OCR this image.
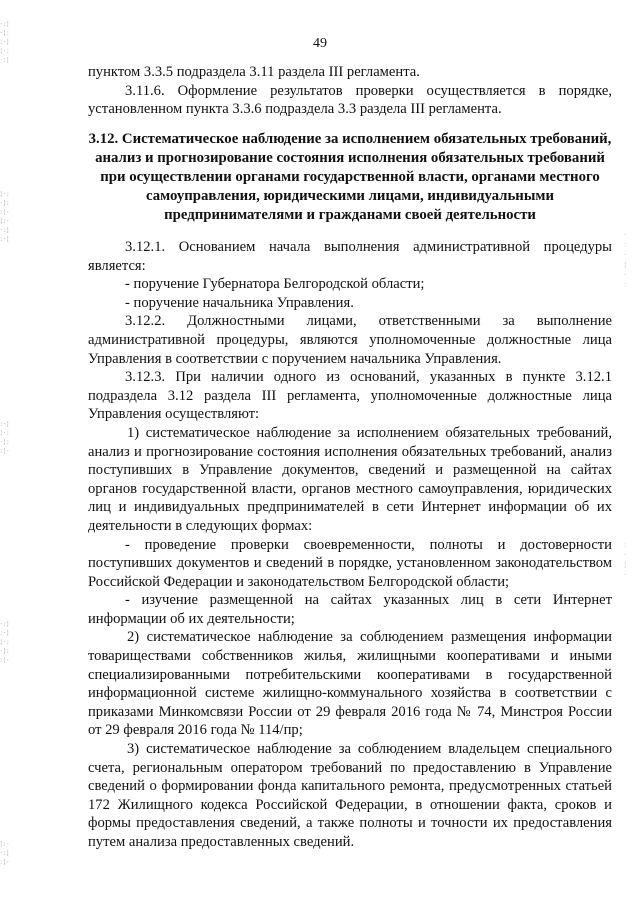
·:¦
·¦:
:·¦
¦·:
·:¦
¦·:
·¦:
:¦·
¦:·
·:¦
:·¦
:·¦
¦·:
·¦:
:¦·
·:¦
:·¦
¦·:
·¦:
:¦·
¦:·
·:¦
:¦·
·
:
·
¦
·
:
:
·
¦
·
49

пунктом 3.3.5 подраздела 3.11 раздела III регламента.

3.11.6. Оформление результатов проверки осуществляется в порядке, установленном пункта 3.3.6 подраздела 3.3 раздела III регламента.

3.12. Систематическое наблюдение за исполнением обязательных требований, анализ и прогнозирование состояния исполнения обязательных требований при осуществлении органами государственной власти, органами местного самоуправления, юридическими лицами, индивидуальными предпринимателями и гражданами своей деятельности

3.12.1. Основанием начала выполнения административной процедуры является:

- поручение Губернатора Белгородской области;

- поручение начальника Управления.

3.12.2. Должностными лицами, ответственными за выполнение административной процедуры, являются уполномоченные должностные лица Управления в соответствии с поручением начальника Управления.

3.12.3. При наличии одного из оснований, указанных в пункте 3.12.1 подраздела 3.12 раздела III регламента, уполномоченные должностные лица Управления осуществляют:

1) систематическое наблюдение за исполнением обязательных требований, анализ и прогнозирование состояния исполнения обязательных требований, анализ поступивших в Управление документов, сведений и размещенной на сайтах органов государственной власти, органов местного самоуправления, юридических лиц и индивидуальных предпринимателей в сети Интернет информации об их деятельности в следующих формах:

- проведение проверки своевременности, полноты и достоверности поступивших документов и сведений в порядке, установленном законодательством Российской Федерации и законодательством Белгородской области;

- изучение размещенной на сайтах указанных лиц в сети Интернет информации об их деятельности;

2) систематическое наблюдение за соблюдением размещения информации товариществами собственников жилья, жилищными кооперативами и иными специализированными потребительскими кооперативами в государственной информационной системе жилищно-коммунального хозяйства в соответствии с приказами Минкомсвязи России от 29 февраля 2016 года № 74, Минстроя России от 29 февраля 2016 года № 114/пр;

3) систематическое наблюдение за соблюдением владельцем специального счета, региональным оператором требований по предоставлению в Управление сведений о формировании фонда капитального ремонта, предусмотренных статьей 172 Жилищного кодекса Российской Федерации, в отношении факта, сроков и формы предоставления сведений, а также полноты и точности их предоставления путем анализа предоставленных сведений.
